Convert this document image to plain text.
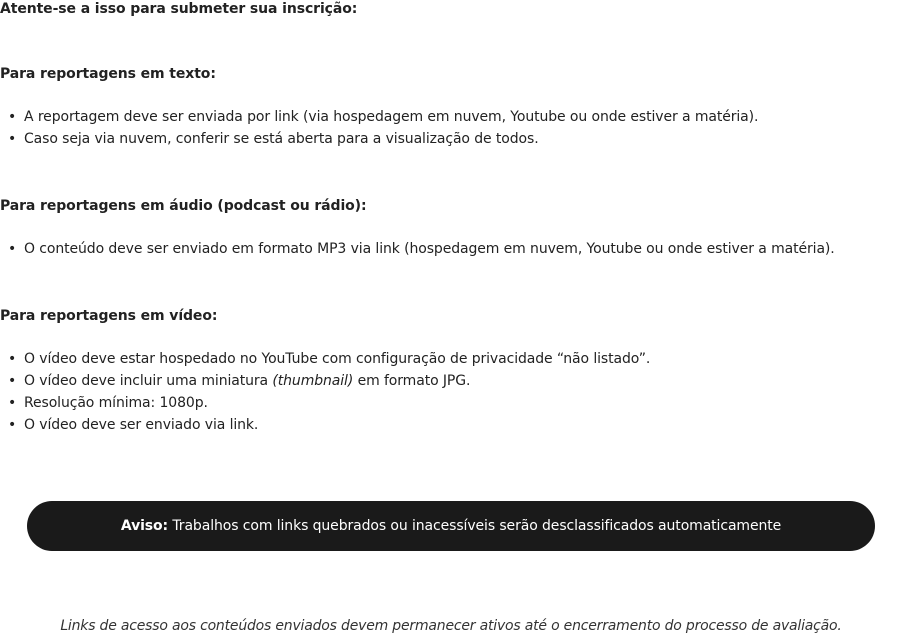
Atente-se a isso para submeter sua inscrição:
Para reportagens em texto:
• A reportagem deve ser enviada por link (via hospedagem em nuvem, Youtube ou onde estiver a matéria).
• Caso seja via nuvem, conferir se está aberta para a visualização de todos.
Para reportagens em áudio (podcast ou rádio):
• O conteúdo deve ser enviado em formato MP3 via link (hospedagem em nuvem, Youtube ou onde estiver a matéria).
Para reportagens em vídeo:
• O vídeo deve estar hospedado no YouTube com configuração de privacidade “não listado”.
• O vídeo deve incluir uma miniatura (thumbnail) em formato JPG.
• Resolução mínima: 1080p.
• O vídeo deve ser enviado via link.
Aviso: Trabalhos com links quebrados ou inacessíveis serão desclassificados automaticamente
Links de acesso aos conteúdos enviados devem permanecer ativos até o encerramento do processo de avaliação.
